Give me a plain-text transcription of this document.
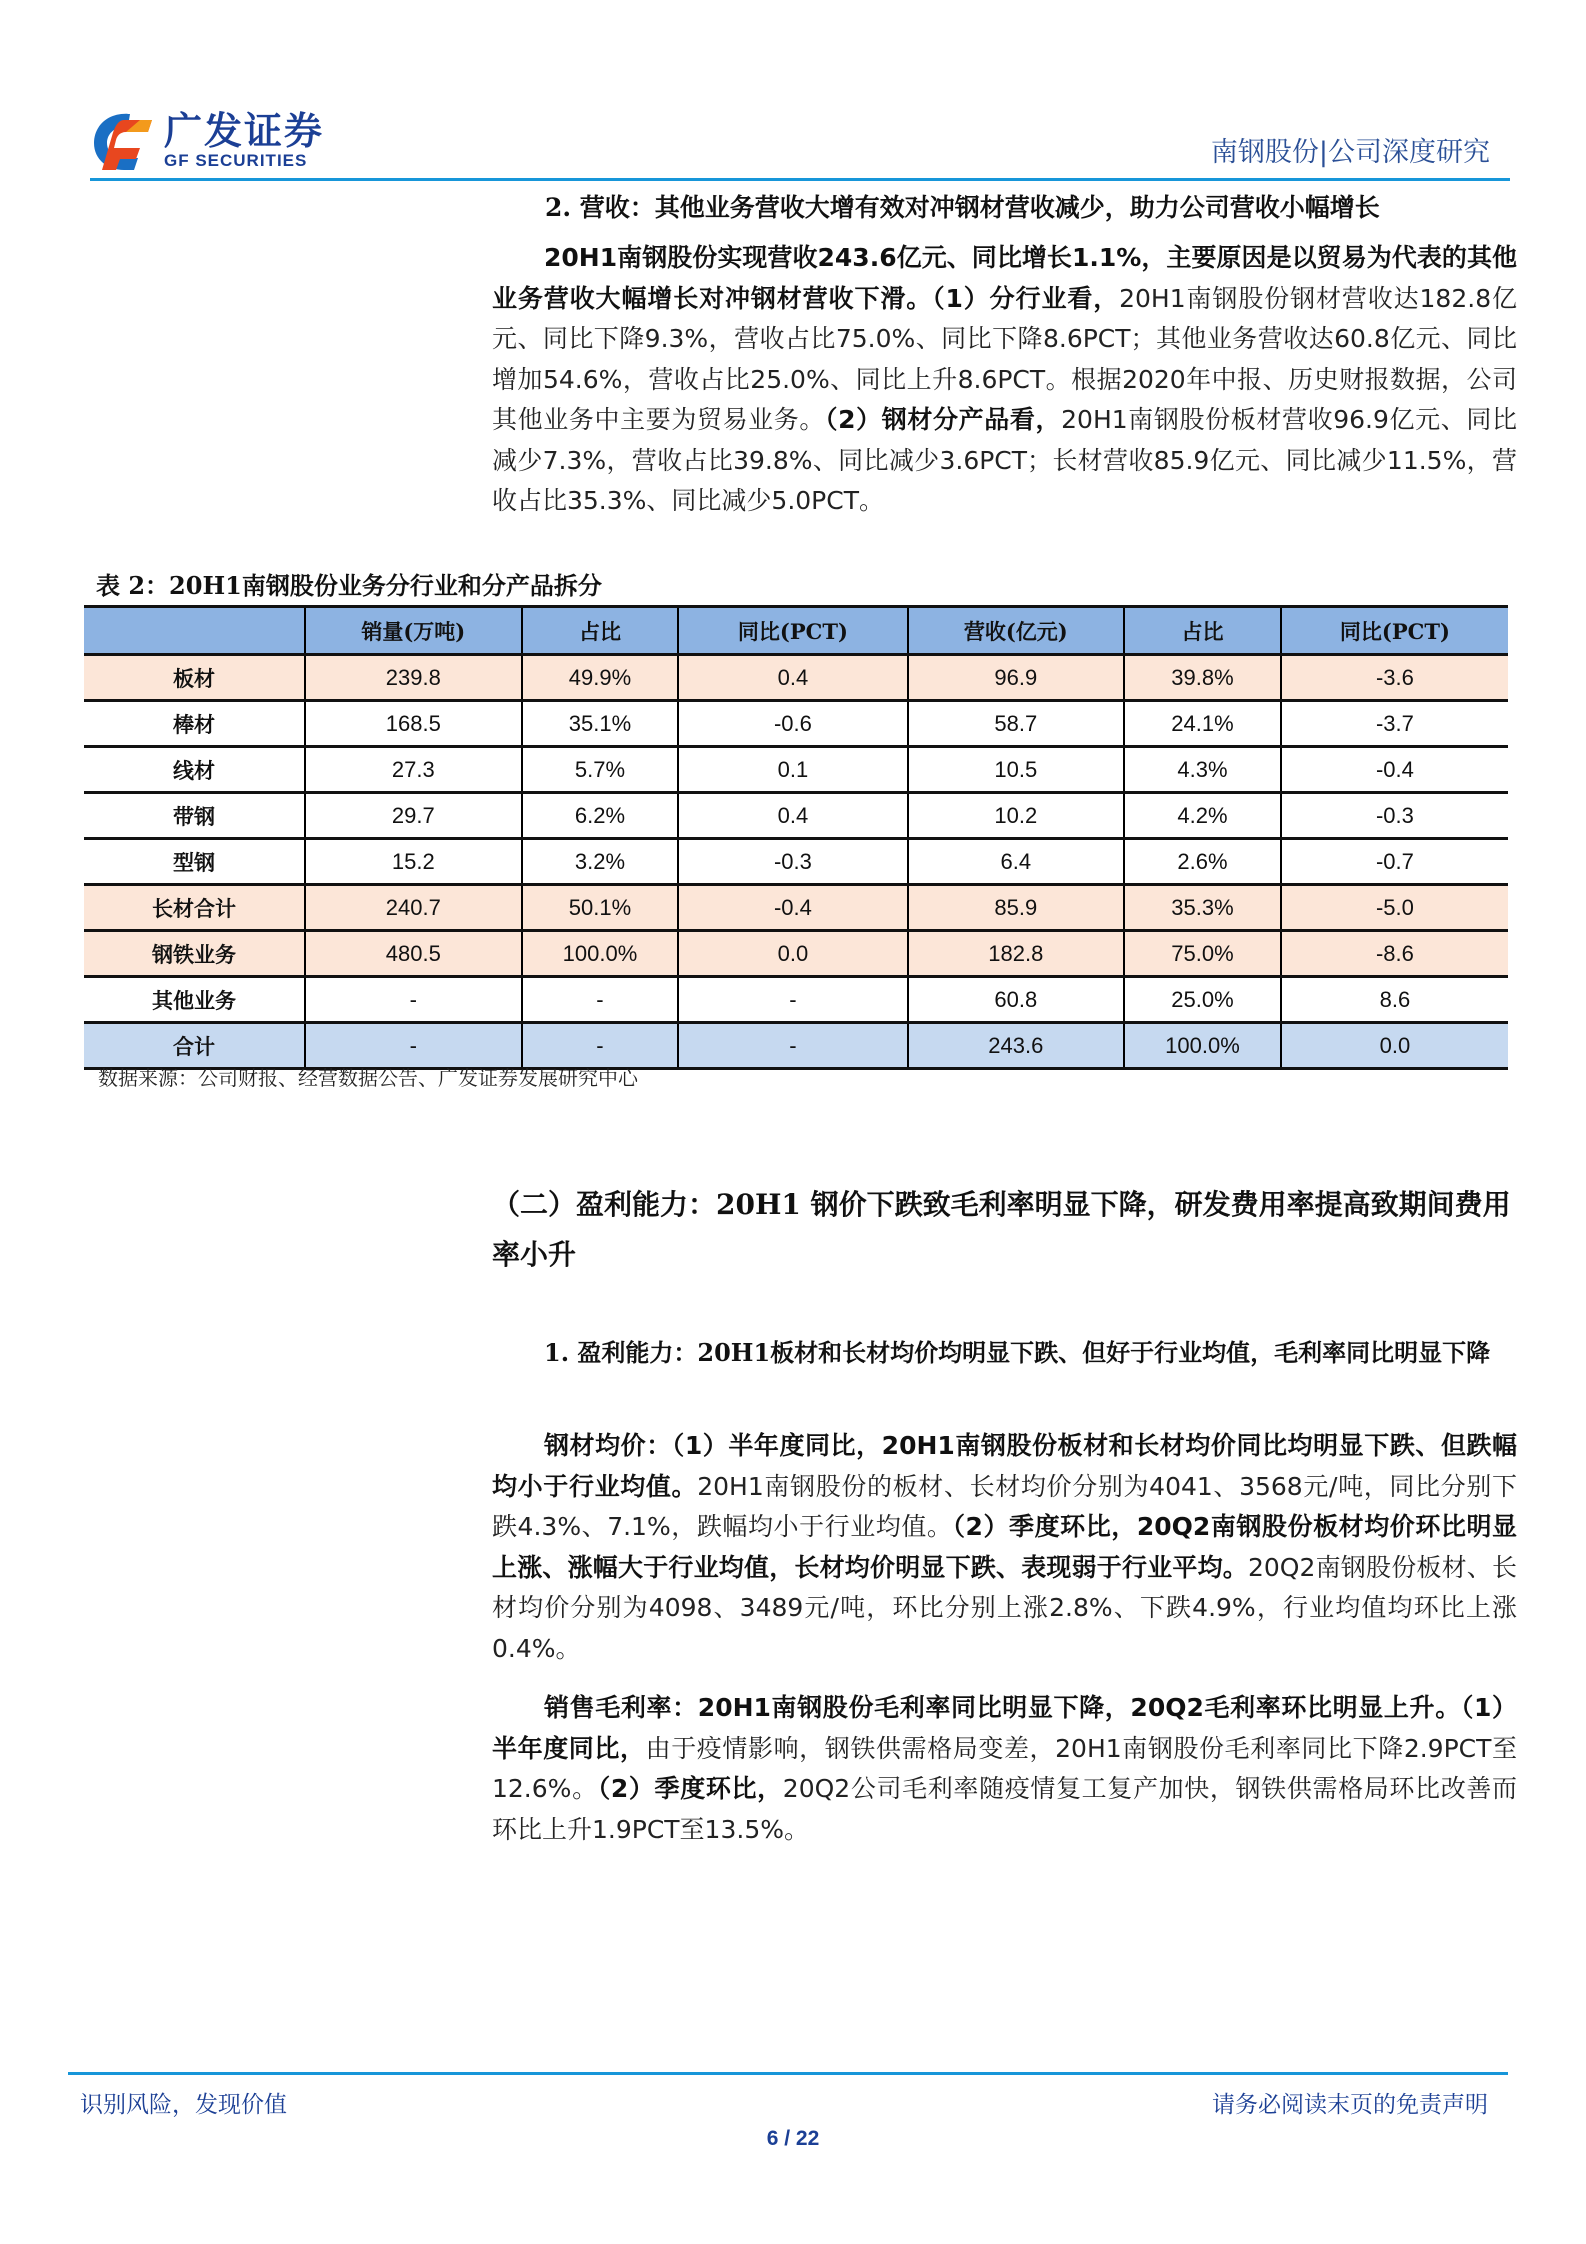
广发证券
GF SECURITIES	南钢股份|公司深度研究
2. 营收：其他业务营收大增有效对冲钢材营收减少，助力公司营收小幅增长
20H1南钢股份实现营收243.6亿元、同比增长1.1%，主要原因是以贸易为代表的其他业务营收大幅增长对冲钢材营收下滑。（1）分行业看，20H1南钢股份钢材营收达182.8亿元、同比下降9.3%，营收占比75.0%、同比下降8.6PCT；其他业务营收达60.8亿元、同比增加54.6%，营收占比25.0%、同比上升8.6PCT。根据2020年中报、历史财报数据，公司其他业务中主要为贸易业务。（2）钢材分产品看，20H1南钢股份板材营收96.9亿元、同比减少7.3%，营收占比39.8%、同比减少3.6PCT；长材营收85.9亿元、同比减少11.5%，营收占比35.3%、同比减少5.0PCT。
表 2：20H1南钢股份业务分行业和分产品拆分
	销量(万吨)	占比	同比(PCT)	营收(亿元)	占比	同比(PCT)
板材	239.8	49.9%	0.4	96.9	39.8%	-3.6
棒材	168.5	35.1%	-0.6	58.7	24.1%	-3.7
线材	27.3	5.7%	0.1	10.5	4.3%	-0.4
带钢	29.7	6.2%	0.4	10.2	4.2%	-0.3
型钢	15.2	3.2%	-0.3	6.4	2.6%	-0.7
长材合计	240.7	50.1%	-0.4	85.9	35.3%	-5.0
钢铁业务	480.5	100.0%	0.0	182.8	75.0%	-8.6
其他业务	-	-	-	60.8	25.0%	8.6
合计	-	-	-	243.6	100.0%	0.0
数据来源：公司财报、经营数据公告、广发证券发展研究中心
（二）盈利能力：20H1 钢价下跌致毛利率明显下降，研发费用率提高致期间费用率小升
1. 盈利能力：20H1板材和长材均价均明显下跌、但好于行业均值，毛利率同比明显下降
钢材均价：（1）半年度同比，20H1南钢股份板材和长材均价同比均明显下跌、但跌幅均小于行业均值。20H1南钢股份的板材、长材均价分别为4041、3568元/吨，同比分别下跌4.3%、7.1%，跌幅均小于行业均值。（2）季度环比，20Q2南钢股份板材均价环比明显上涨、涨幅大于行业均值，长材均价明显下跌、表现弱于行业平均。20Q2南钢股份板材、长材均价分别为4098、3489元/吨，环比分别上涨2.8%、下跌4.9%，行业均值均环比上涨0.4%。
销售毛利率：20H1南钢股份毛利率同比明显下降，20Q2毛利率环比明显上升。（1）半年度同比，由于疫情影响，钢铁供需格局变差，20H1南钢股份毛利率同比下降2.9PCT至12.6%。（2）季度环比，20Q2公司毛利率随疫情复工复产加快，钢铁供需格局环比改善而环比上升1.9PCT至13.5%。
识别风险，发现价值	请务必阅读末页的免责声明
6 / 22
